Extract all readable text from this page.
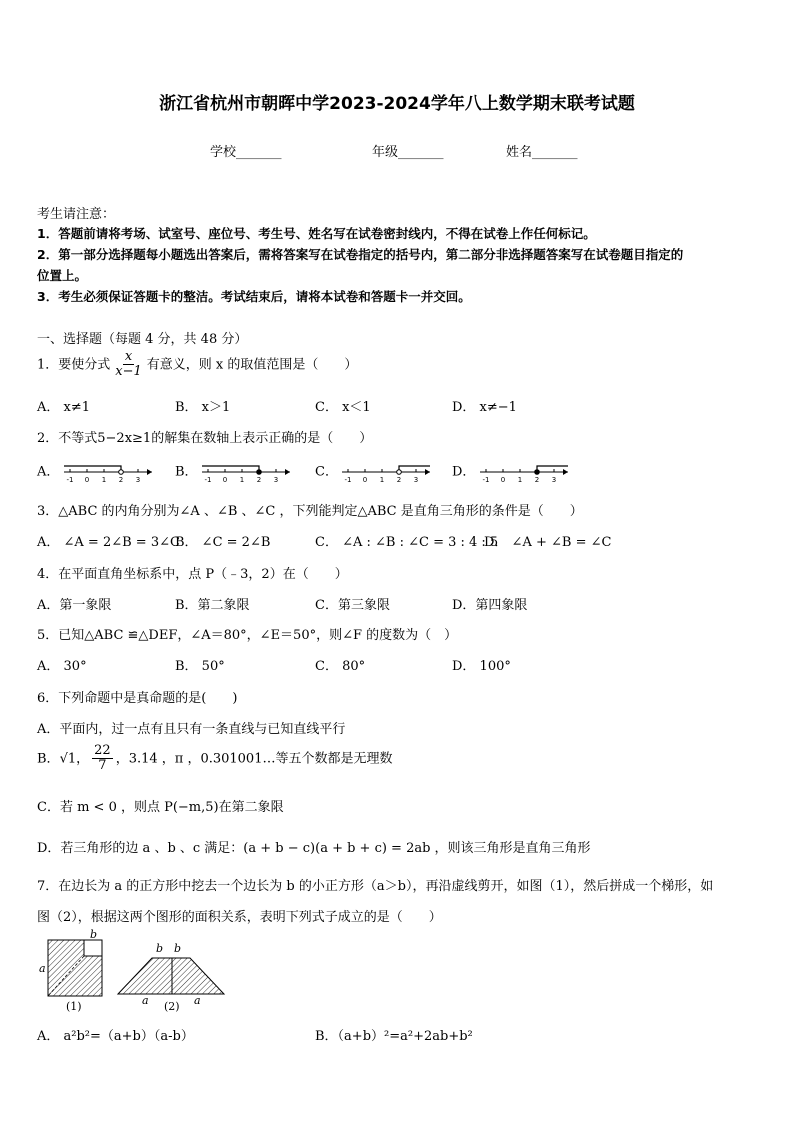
浙江省杭州市朝晖中学2023-2024学年八上数学期末联考试题
学校_______	年级_______	姓名_______
考生请注意：
1．答题前请将考场、试室号、座位号、考生号、姓名写在试卷密封线内，不得在试卷上作任何标记。
2．第一部分选择题每小题选出答案后，需将答案写在试卷指定的括号内，第二部分非选择题答案写在试卷题目指定的
位置上。
3．考生必须保证答题卡的整洁。考试结束后，请将本试卷和答题卡一并交回。
一、选择题（每题 4 分，共 48 分）
1．要使分式 $\frac{x}{x-1}$ 有意义，则 x 的取值范围是（　　）
A． x≠1	B． x＞1	C． x＜1	D． x≠−1
2．不等式5−2x≥1的解集在数轴上表示正确的是（　　）
A．
-1 0 1 2 3
B．
-1 0 1 2 3
C．
-1 0 1 2 3
D．
-1 0 1 2 3
3．△ABC 的内角分别为∠A 、∠B 、∠C ，下列能判定△ABC 是直角三角形的条件是（　　）
A． ∠A = 2∠B = 3∠C
B． ∠C = 2∠B	C． ∠A : ∠B : ∠C = 3 : 4 : 5
D． ∠A + ∠B = ∠C
4．在平面直角坐标系中，点 P（﹣3，2）在（　　）
A．第一象限	B．第二象限	C．第三象限	D．第四象限
5．已知△ABC ≌△DEF，∠A＝80°，∠E＝50°，则∠F 的度数为（　）
A． 30°	B． 50°	C． 80°	D． 100°
6．下列命题中是真命题的是(　　)
A．平面内，过一点有且只有一条直线与已知直线平行
B．√1， $\frac{22}{7}$ ，3.14 ，π ，0.301001…等五个数都是无理数
C．若 m < 0 ，则点 P(−m,5)在第二象限
D．若三角形的边 a 、b 、c 满足：(a + b − c)(a + b + c) = 2ab ，则该三角形是直角三角形
7．在边长为 a 的正方形中挖去一个边长为 b 的小正方形（a＞b），再沿虚线剪开，如图（1），然后拼成一个梯形，如
图（2），根据这两个图形的面积关系，表明下列式子成立的是（　　）
a
b
(1)
b b
a	a
(2)
A． a²b²=（a+b）（a-b）	B．（a+b）²=a²+2ab+b²
